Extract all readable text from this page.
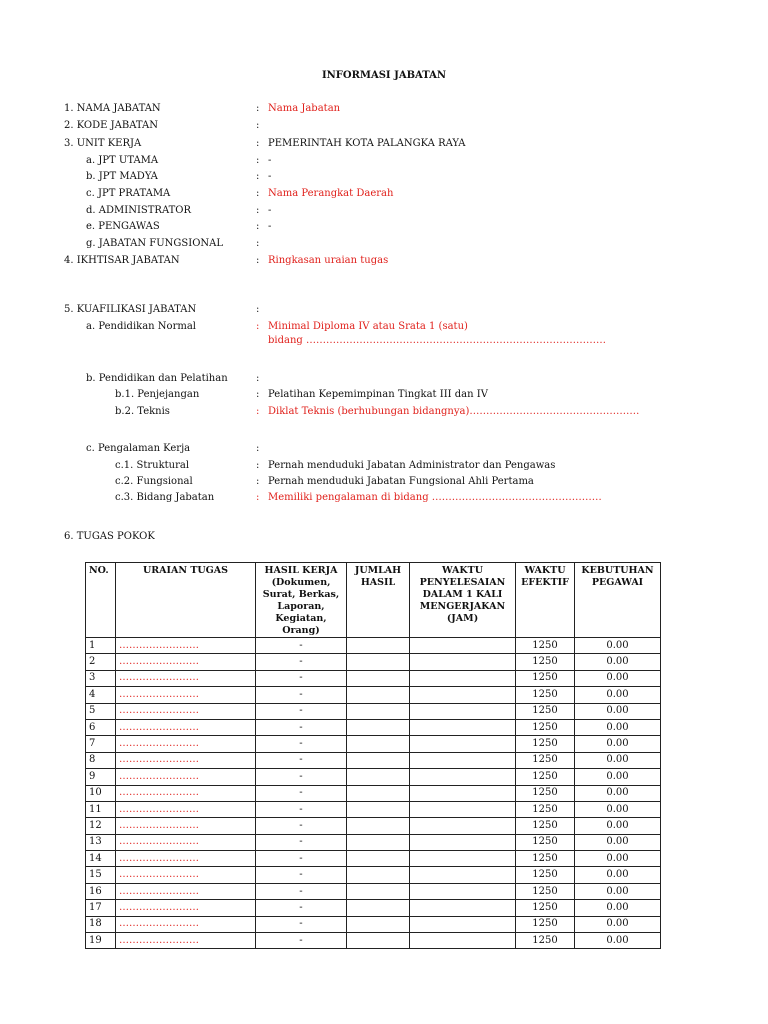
INFORMASI JABATAN
1. NAMA JABATAN	: Nama Jabatan
2. KODE JABATAN	:
3. UNIT KERJA	: PEMERINTAH KOTA PALANGKA RAYA
a. JPT UTAMA	: -
b. JPT MADYA	: -
c. JPT PRATAMA	: Nama Perangkat Daerah
d. ADMINISTRATOR	: -
e. PENGAWAS	: -
g. JABATAN FUNGSIONAL	:
4. IKHTISAR JABATAN	: Ringkasan uraian tugas
5. KUAFILIKASI JABATAN	:
a. Pendidikan Normal	: Minimal Diploma IV atau Srata 1 (satu)
bidang ………………………………………………………………………………
b. Pendidikan dan Pelatihan	:
b.1. Penjejangan	: Pelatihan Kepemimpinan Tingkat III dan IV
b.2. Teknis	: Diklat Teknis (berhubungan bidangnya)……………………………………………
c. Pengalaman Kerja	:
c.1. Struktural	: Pernah menduduki Jabatan Administrator dan Pengawas
c.2. Fungsional	: Pernah menduduki Jabatan Fungsional Ahli Pertama
c.3. Bidang Jabatan	: Memiliki pengalaman di bidang ……………………………………………
6. TUGAS POKOK
NO.	URAIAN TUGAS	HASIL KERJA (Dokumen, Surat, Berkas, Laporan, Kegiatan, Orang)	JUMLAH HASIL	WAKTU PENYELESAIAN DALAM 1 KALI MENGERJAKAN (JAM)	WAKTU EFEKTIF	KEBUTUHAN PEGAWAI
1	……………………	-			1250	0.00
2	……………………	-			1250	0.00
3	……………………	-			1250	0.00
4	……………………	-			1250	0.00
5	……………………	-			1250	0.00
6	……………………	-			1250	0.00
7	……………………	-			1250	0.00
8	……………………	-			1250	0.00
9	……………………	-			1250	0.00
10	……………………	-			1250	0.00
11	……………………	-			1250	0.00
12	……………………	-			1250	0.00
13	……………………	-			1250	0.00
14	……………………	-			1250	0.00
15	……………………	-			1250	0.00
16	……………………	-			1250	0.00
17	……………………	-			1250	0.00
18	……………………	-			1250	0.00
19	……………………	-			1250	0.00
